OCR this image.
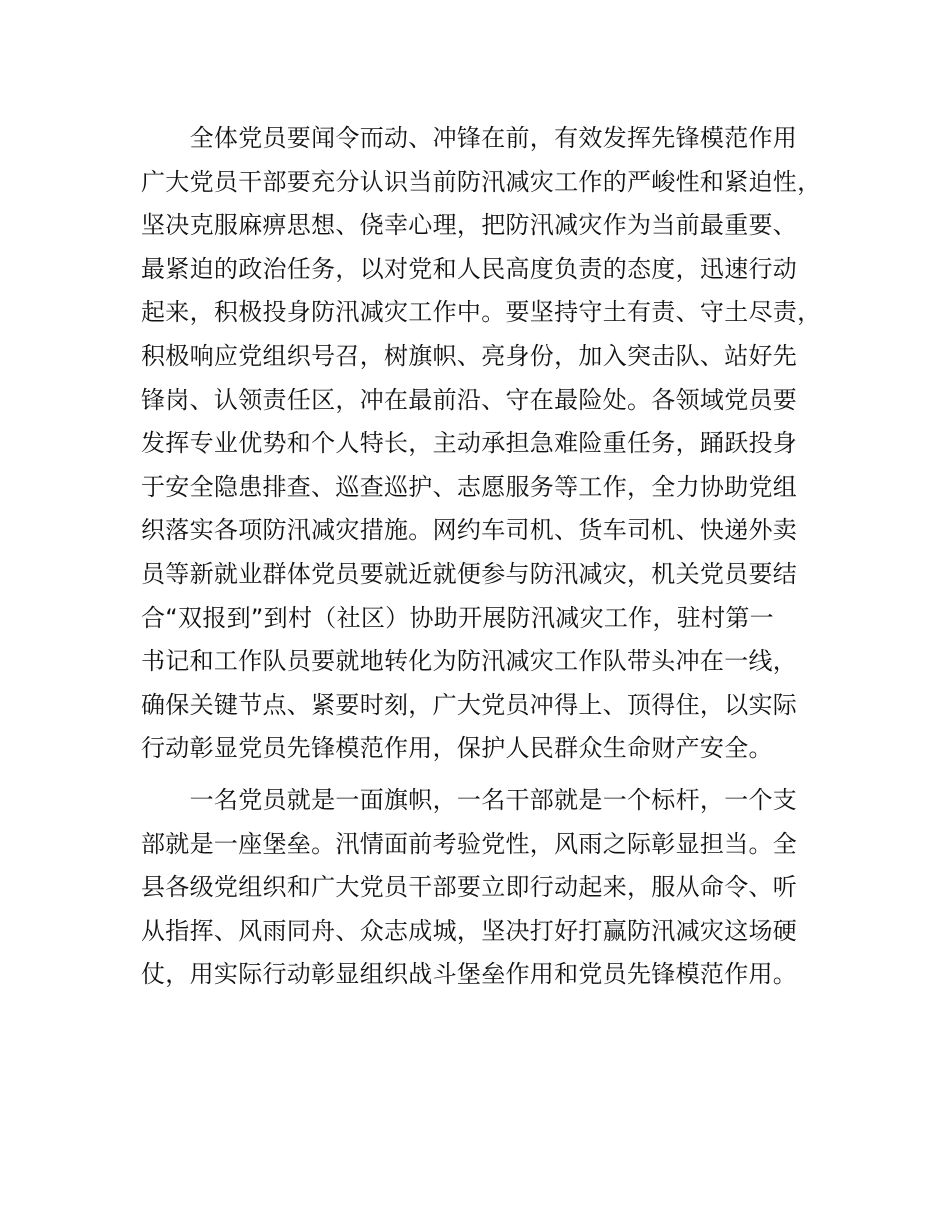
　　全体党员要闻令而动、冲锋在前，有效发挥先锋模范作用
广大党员干部要充分认识当前防汛减灾工作的严峻性和紧迫性，
坚决克服麻痹思想、侥幸心理，把防汛减灾作为当前最重要、
最紧迫的政治任务，以对党和人民高度负责的态度，迅速行动
起来，积极投身防汛减灾工作中。要坚持守土有责、守土尽责，
积极响应党组织号召，树旗帜、亮身份，加入突击队、站好先
锋岗、认领责任区，冲在最前沿、守在最险处。各领域党员要
发挥专业优势和个人特长，主动承担急难险重任务，踊跃投身
于安全隐患排查、巡查巡护、志愿服务等工作，全力协助党组
织落实各项防汛减灾措施。网约车司机、货车司机、快递外卖
员等新就业群体党员要就近就便参与防汛减灾，机关党员要结
合“双报到”到村（社区）协助开展防汛减灾工作，驻村第一
书记和工作队员要就地转化为防汛减灾工作队带头冲在一线，
确保关键节点、紧要时刻，广大党员冲得上、顶得住，以实际
行动彰显党员先锋模范作用，保护人民群众生命财产安全。

　　一名党员就是一面旗帜，一名干部就是一个标杆，一个支
部就是一座堡垒。汛情面前考验党性，风雨之际彰显担当。全
县各级党组织和广大党员干部要立即行动起来，服从命令、听
从指挥、风雨同舟、众志成城，坚决打好打赢防汛减灾这场硬
仗，用实际行动彰显组织战斗堡垒作用和党员先锋模范作用。
